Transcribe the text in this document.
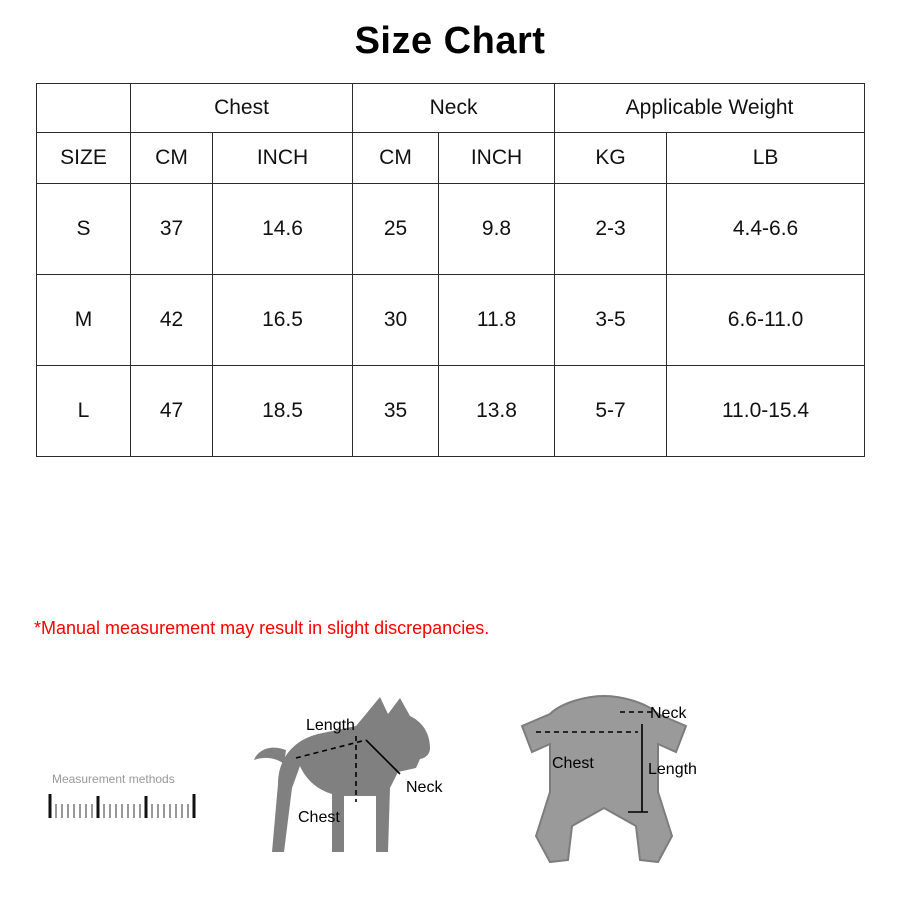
Size Chart
	Chest		Neck		Applicable Weight	
SIZE	CM	INCH	CM	INCH	KG	LB
S	37	14.6	25	9.8	2-3	4.4-6.6
M	42	16.5	30	11.8	3-5	6.6-11.0
L	47	18.5	35	13.8	5-7	11.0-15.4
*Manual measurement may result in slight discrepancies.
Measurement methods
Length
Neck
Chest
Neck
Chest	Length
